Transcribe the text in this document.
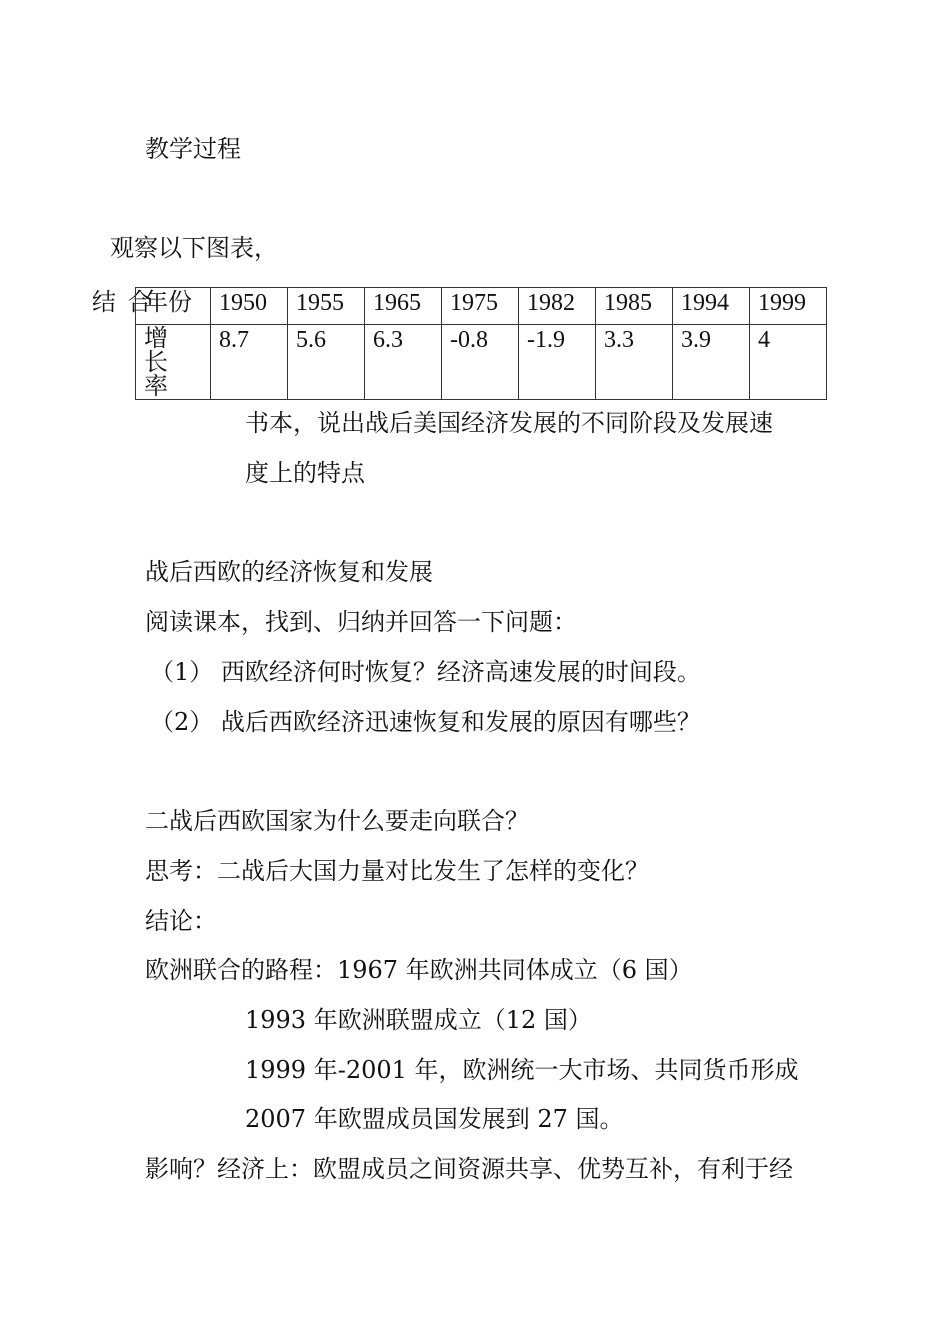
教学过程
观察以下图表，
结 合
年份	1950	1955	1965	1975	1982	1985	1994	1999

增 长 率	8.7	5.6	6.3	-0.8	-1.9	3.3	3.9	4
书本，说出战后美国经济发展的不同阶段及发展速
度上的特点
战后西欧的经济恢复和发展
阅读课本，找到、归纳并回答一下问题：
（1） 西欧经济何时恢复？经济高速发展的时间段。
（2） 战后西欧经济迅速恢复和发展的原因有哪些？
二战后西欧国家为什么要走向联合？
思考：二战后大国力量对比发生了怎样的变化？
结论：
欧洲联合的路程：1967 年欧洲共同体成立（6 国）
1993 年欧洲联盟成立（12 国）
1999 年-2001 年，欧洲统一大市场、共同货币形成
2007 年欧盟成员国发展到 27 国。
影响？经济上：欧盟成员之间资源共享、优势互补，有利于经
